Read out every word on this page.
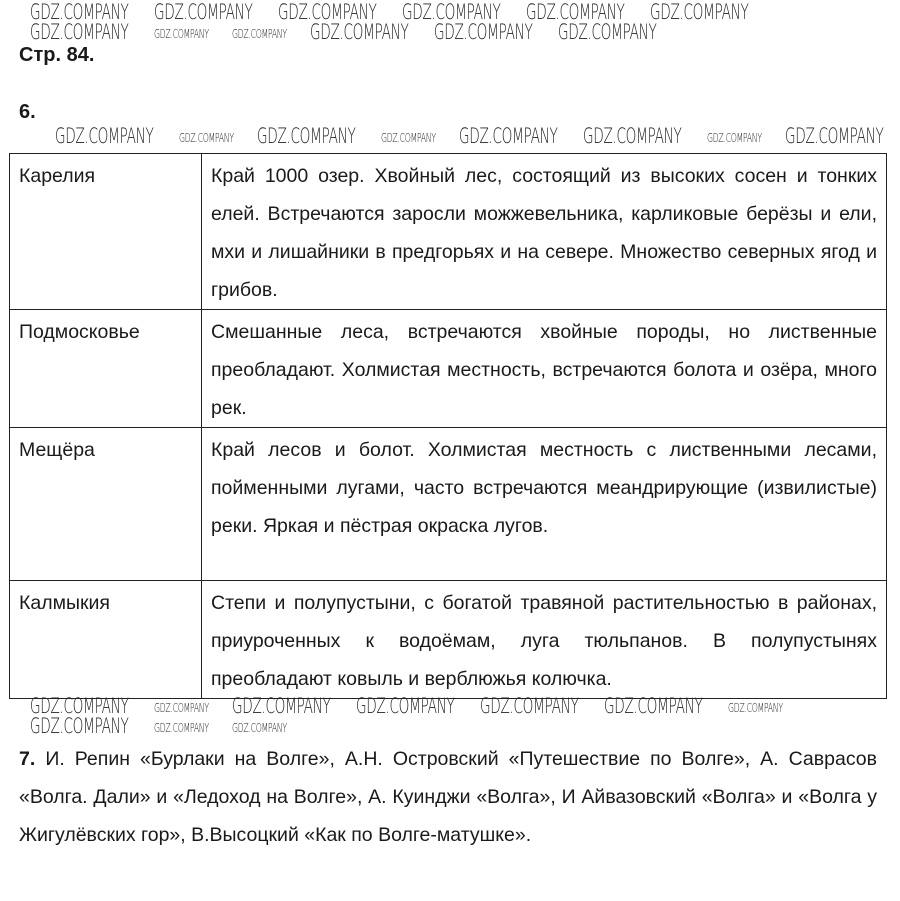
GDZ.COMPANY	GDZ.COMPANY	GDZ.COMPANY	GDZ.COMPANY	GDZ.COMPANY	GDZ.COMPANY
GDZ.COMPANY	GDZ.COMPANY	GDZ.COMPANY	GDZ.COMPANY	GDZ.COMPANY	GDZ.COMPANY
Стр. 84.
6.
GDZ.COMPANY	GDZ.COMPANY	GDZ.COMPANY	GDZ.COMPANY	GDZ.COMPANY	GDZ.COMPANY	GDZ.COMPANY	GDZ.COMPANY
Карелия	Край 1000 озер. Хвойный лес, состоящий из высоких сосен и тонких елей. Встречаются заросли можжевельника, карликовые берёзы и ели, мхи и лишайники в предгорьях и на севере. Множество северных ягод и грибов.
Подмосковье	Смешанные леса, встречаются хвойные породы, но лиственные преобладают. Холмистая местность, встречаются болота и озёра, много рек.
Мещёра	Край лесов и болот. Холмистая местность с лиственными лесами, пойменными лугами, часто встречаются меандрирующие (извилистые) реки. Яркая и пёстрая окраска лугов.
Калмыкия	Степи и полупустыни, с богатой травяной растительностью в районах, приуроченных к водоёмам, луга тюльпанов. В полупустынях преобладают ковыль и верблюжья колючка.
GDZ.COMPANY	GDZ.COMPANY	GDZ.COMPANY	GDZ.COMPANY	GDZ.COMPANY	GDZ.COMPANY	GDZ.COMPANY
GDZ.COMPANY	GDZ.COMPANY	GDZ.COMPANY
7. И. Репин «Бурлаки на Волге», А.Н. Островский «Путешествие по Волге», А. Саврасов «Волга. Дали» и «Ледоход на Волге», А. Куинджи «Волга», И Айвазовский «Волга» и «Волга у Жигулёвских гор», В.Высоцкий «Как по Волге-матушке».
